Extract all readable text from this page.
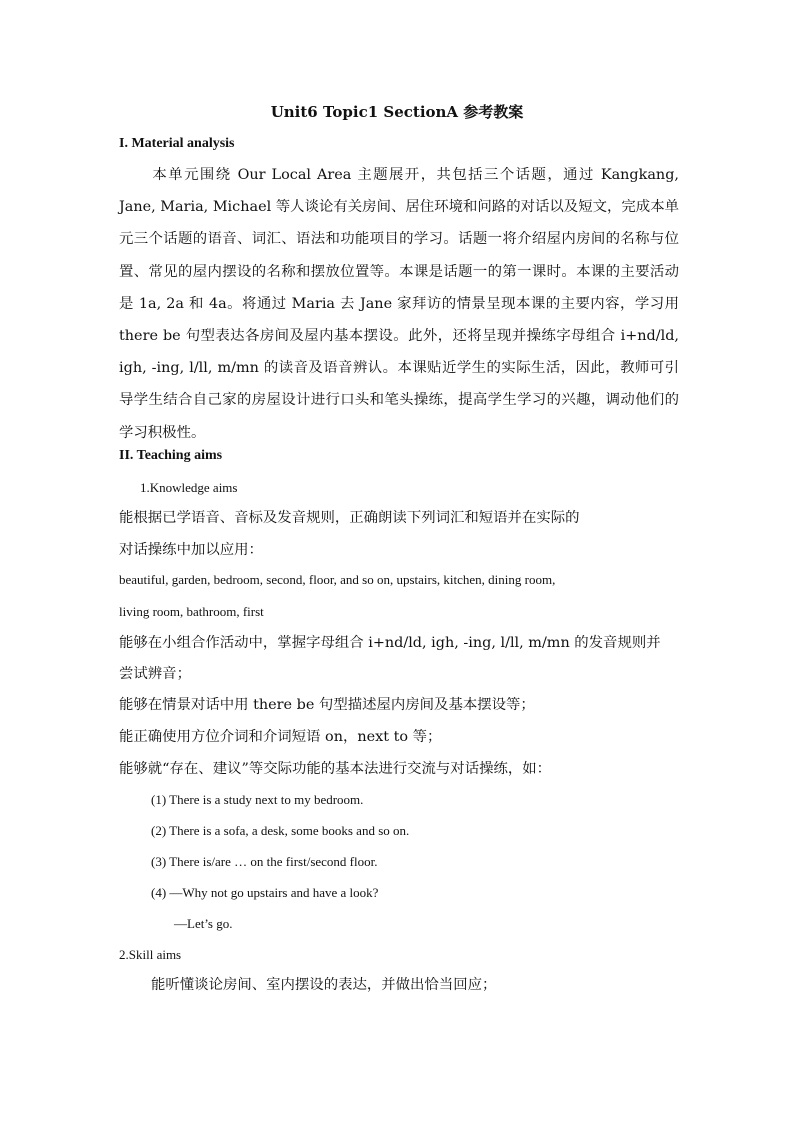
Unit6 Topic1 SectionA 参考教案
I. Material analysis

本单元围绕 Our Local Area 主题展开，共包括三个话题，通过 Kangkang, Jane, Maria, Michael 等人谈论有关房间、居住环境和问路的对话以及短文，完成本单元三个话题的语音、词汇、语法和功能项目的学习。话题一将介绍屋内房间的名称与位置、常见的屋内摆设的名称和摆放位置等。本课是话题一的第一课时。本课的主要活动是 1a, 2a 和 4a。将通过 Maria 去 Jane 家拜访的情景呈现本课的主要内容，学习用 there be 句型表达各房间及屋内基本摆设。此外，还将呈现并操练字母组合 i+nd/ld, igh, -ing, l/ll, m/mn 的读音及语音辨认。本课贴近学生的实际生活，因此，教师可引导学生结合自己家的房屋设计进行口头和笔头操练，提高学生学习的兴趣，调动他们的学习积极性。

II. Teaching aims
1.Knowledge aims
能根据已学语音、音标及发音规则，正确朗读下列词汇和短语并在实际的
对话操练中加以应用：
beautiful, garden, bedroom, second, floor, and so on, upstairs, kitchen, dining room,
living room, bathroom, first
能够在小组合作活动中，掌握字母组合 i+nd/ld, igh, -ing, l/ll, m/mn 的发音规则并
尝试辨音；
能够在情景对话中用 there be 句型描述屋内房间及基本摆设等；
能正确使用方位介词和介词短语 on，next to 等；
能够就“存在、建议”等交际功能的基本法进行交流与对话操练，如：
(1) There is a study next to my bedroom.
(2) There is a sofa, a desk, some books and so on.
(3) There is/are … on the first/second floor.
(4) —Why not go upstairs and have a look?
—Let’s go.
2.Skill aims
能听懂谈论房间、室内摆设的表达，并做出恰当回应；
